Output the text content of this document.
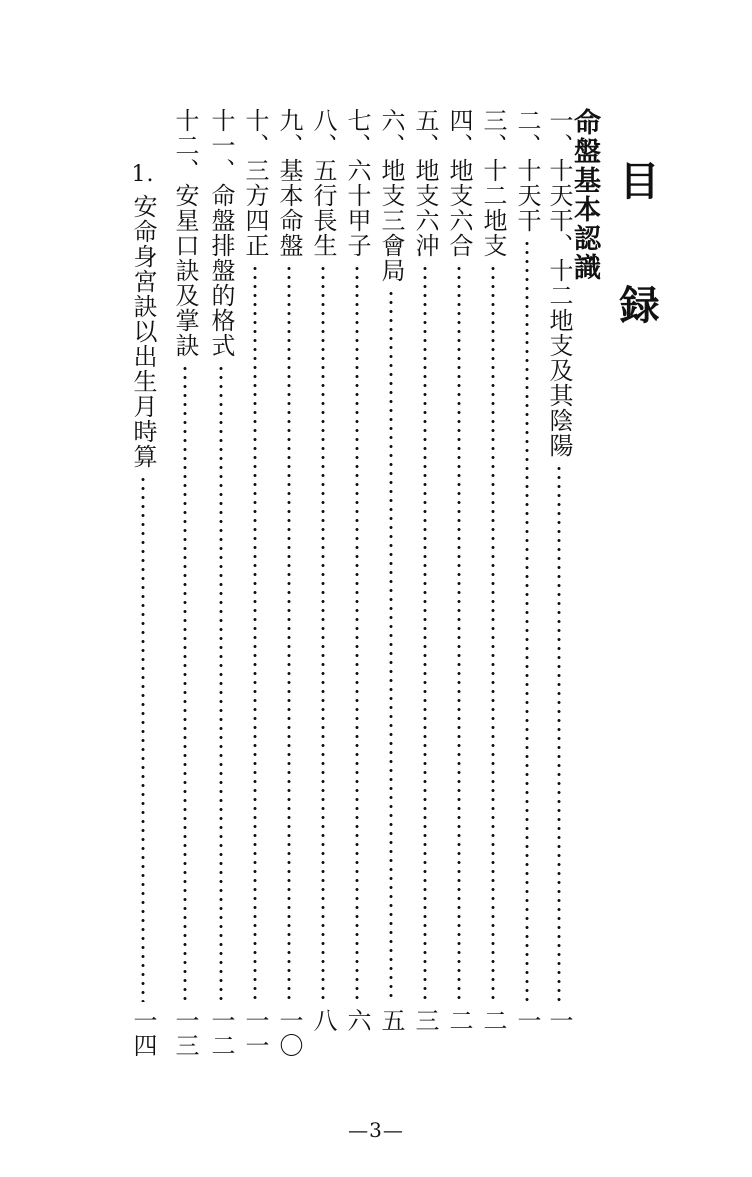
目　録
命盤基本認識
一、十天干、十二地支及其陰陽
一
二、十天干
一
三、十二地支
二
四、地支六合
二
五、地支六沖
三
六、地支三會局
五
七、六十甲子
六
八、五行長生
八
九、基本命盤
一〇
十、三方四正
一一
十一、命盤排盤的格式
一二
十二、安星口訣及掌訣
一三
1.安命身宮訣以出生月時算
一四
—3—
